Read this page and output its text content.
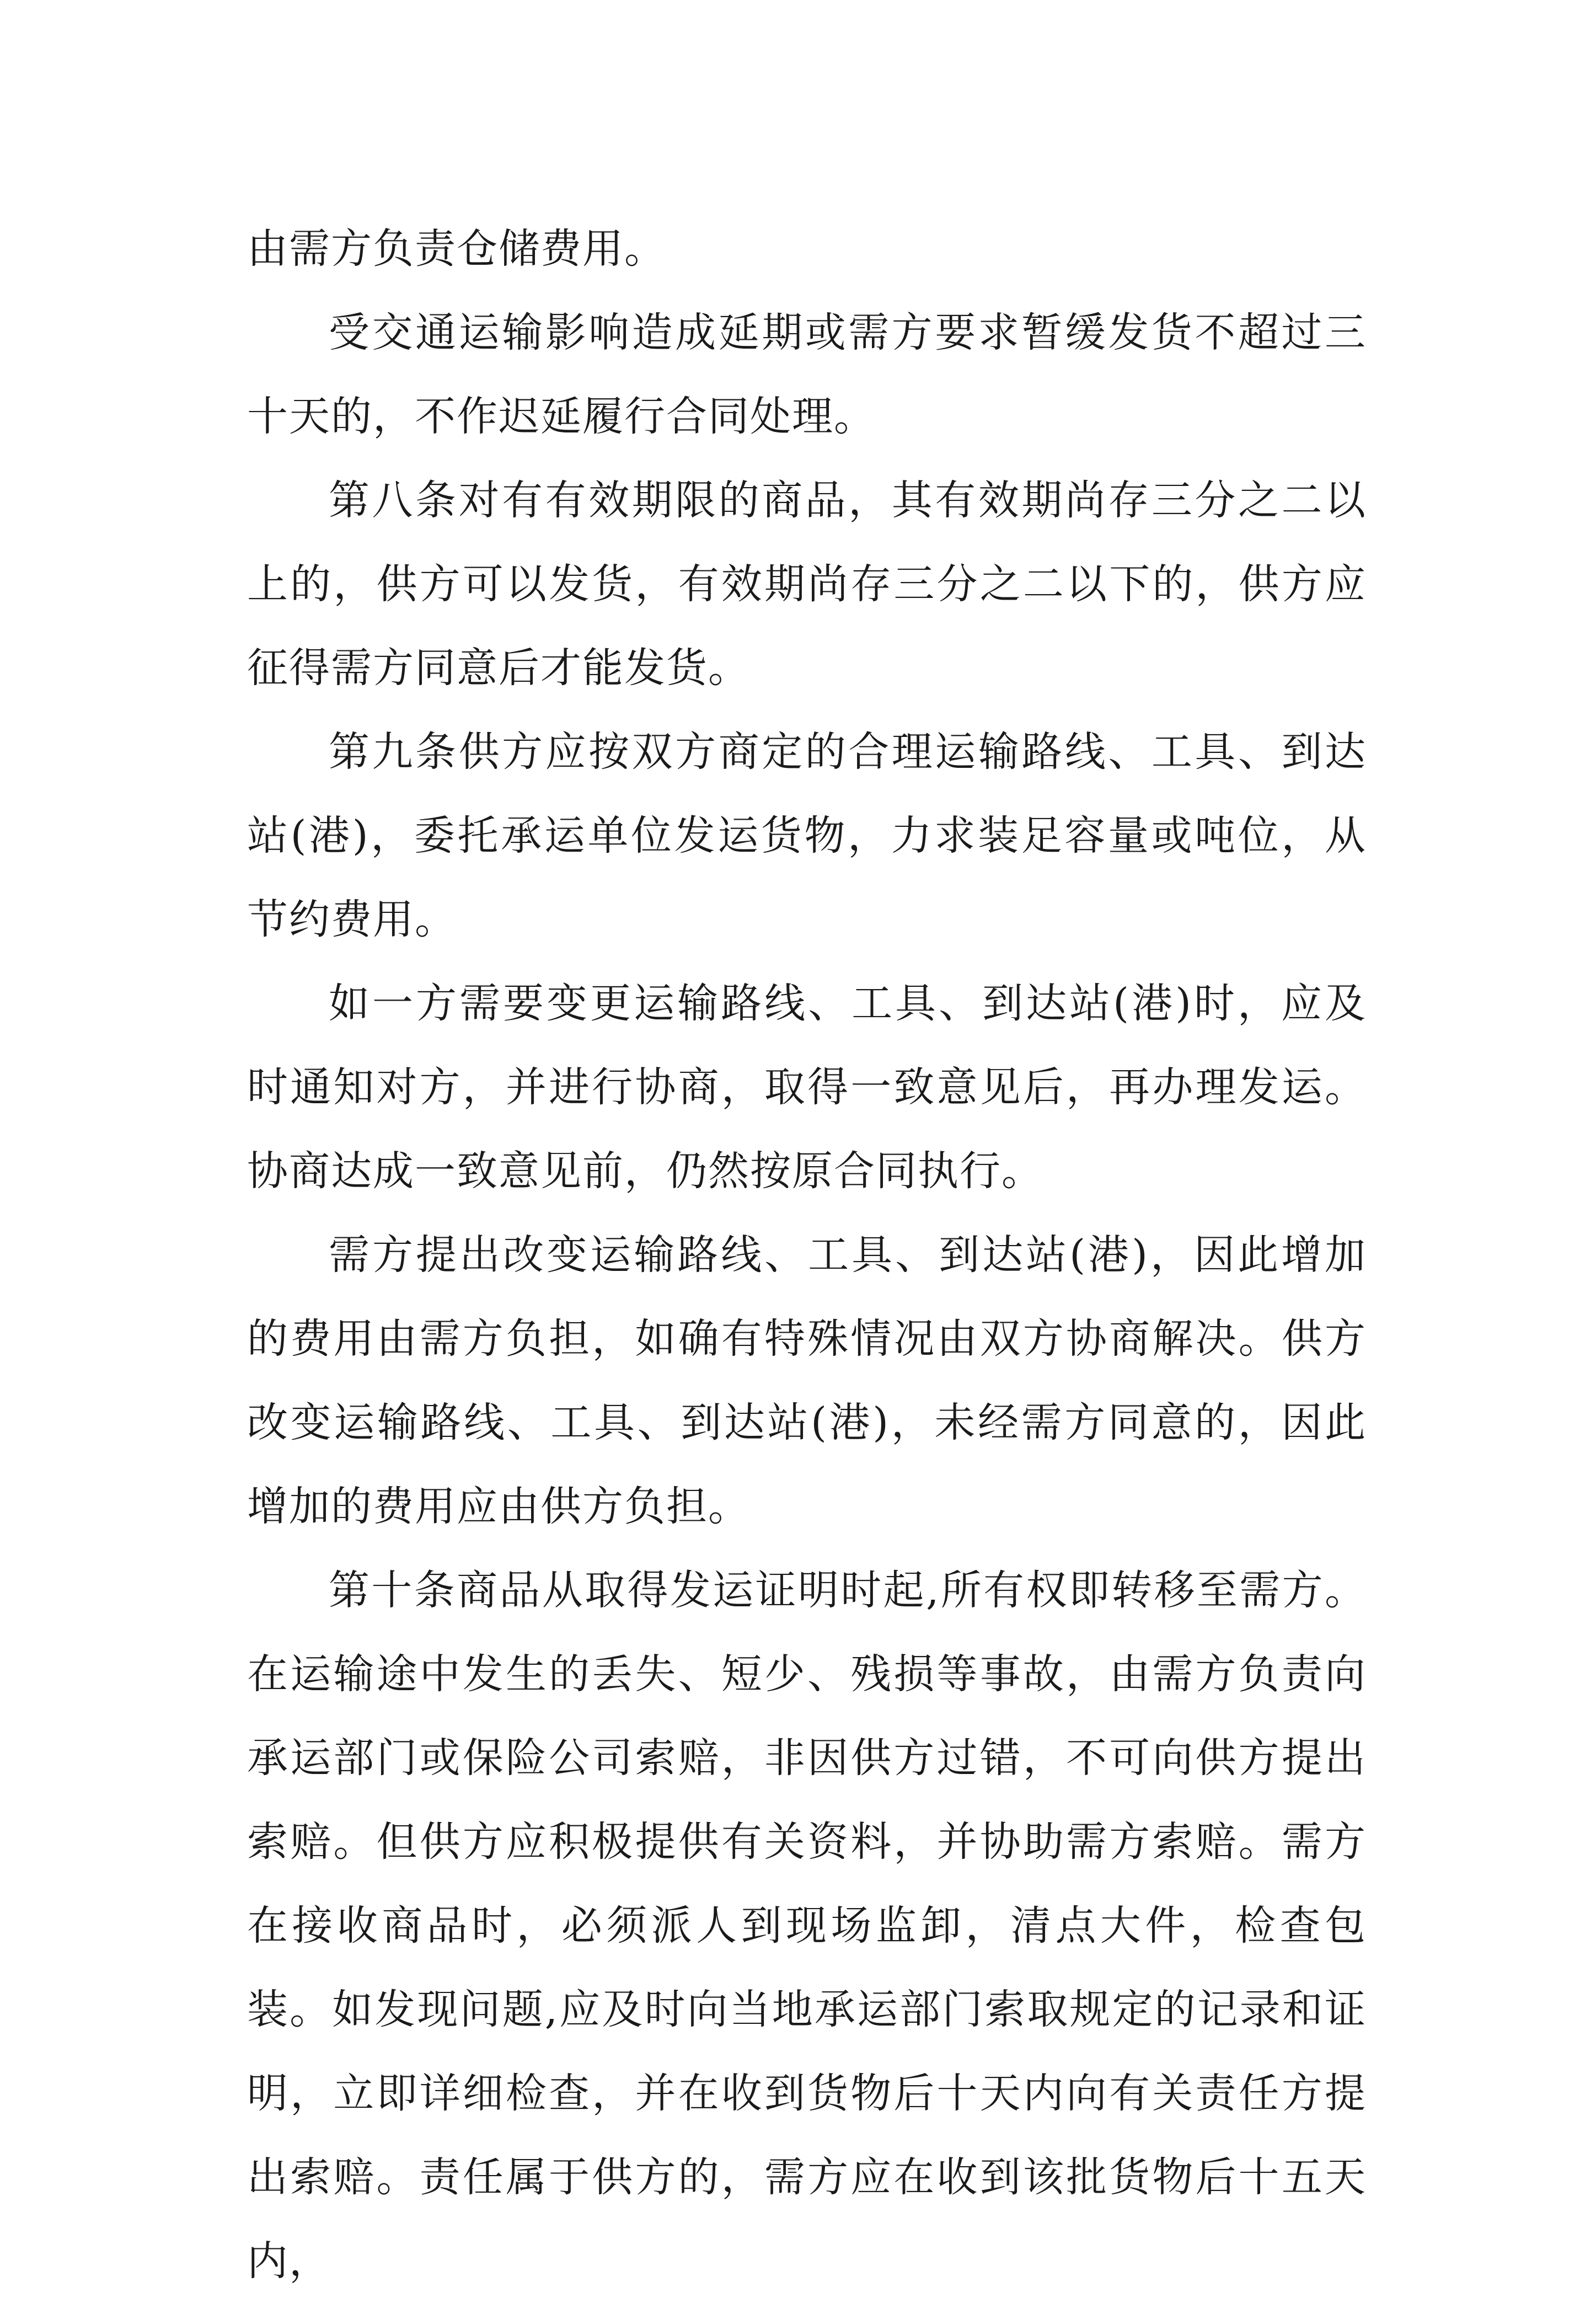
由需方负责仓储费用。

受交通运输影响造成延期或需方要求暂缓发货不超过三十天的，不作迟延履行合同处理。

第八条对有有效期限的商品，其有效期尚存三分之二以上的，供方可以发货，有效期尚存三分之二以下的，供方应征得需方同意后才能发货。

第九条供方应按双方商定的合理运输路线、工具、到达站(港)，委托承运单位发运货物，力求装足容量或吨位，从节约费用。

如一方需要变更运输路线、工具、到达站(港)时，应及时通知对方，并进行协商，取得一致意见后，再办理发运。协商达成一致意见前，仍然按原合同执行。

需方提出改变运输路线、工具、到达站(港)，因此增加的费用由需方负担，如确有特殊情况由双方协商解决。供方改变运输路线、工具、到达站(港)，未经需方同意的，因此增加的费用应由供方负担。

第十条商品从取得发运证明时起,所有权即转移至需方。在运输途中发生的丢失、短少、残损等事故，由需方负责向承运部门或保险公司索赔，非因供方过错，不可向供方提出索赔。但供方应积极提供有关资料，并协助需方索赔。需方在接收商品时，必须派人到现场监卸，清点大件，检查包装。如发现问题,应及时向当地承运部门索取规定的记录和证明，立即详细检查，并在收到货物后十天内向有关责任方提出索赔。责任属于供方的，需方应在收到该批货物后十五天内，
